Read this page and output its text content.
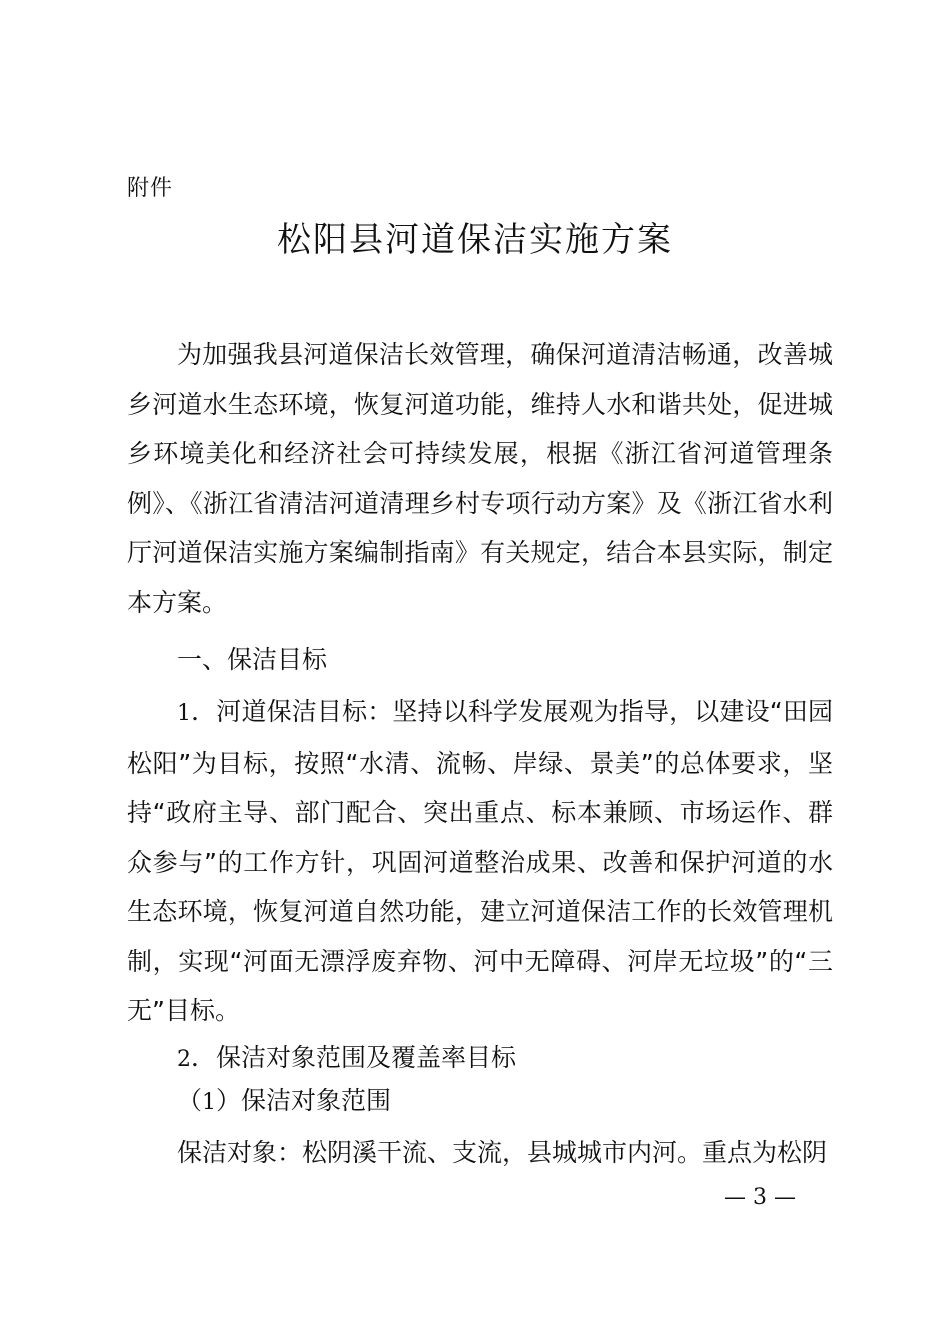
附件
松阳县河道保洁实施方案

为加强我县河道保洁长效管理，确保河道清洁畅通，改善城乡河道水生态环境，恢复河道功能，维持人水和谐共处，促进城乡环境美化和经济社会可持续发展，根据《浙江省河道管理条例》、《浙江省清洁河道清理乡村专项行动方案》及《浙江省水利厅河道保洁实施方案编制指南》有关规定，结合本县实际，制定本方案。

一、保洁目标

1．河道保洁目标：坚持以科学发展观为指导，以建设“田园松阳”为目标，按照“水清、流畅、岸绿、景美”的总体要求，坚持“政府主导、部门配合、突出重点、标本兼顾、市场运作、群众参与”的工作方针，巩固河道整治成果、改善和保护河道的水生态环境，恢复河道自然功能，建立河道保洁工作的长效管理机制，实现“河面无漂浮废弃物、河中无障碍、河岸无垃圾”的“三无”目标。

2．保洁对象范围及覆盖率目标

（1）保洁对象范围

保洁对象：松阴溪干流、支流，县城城市内河。重点为松阴

— 3 —
